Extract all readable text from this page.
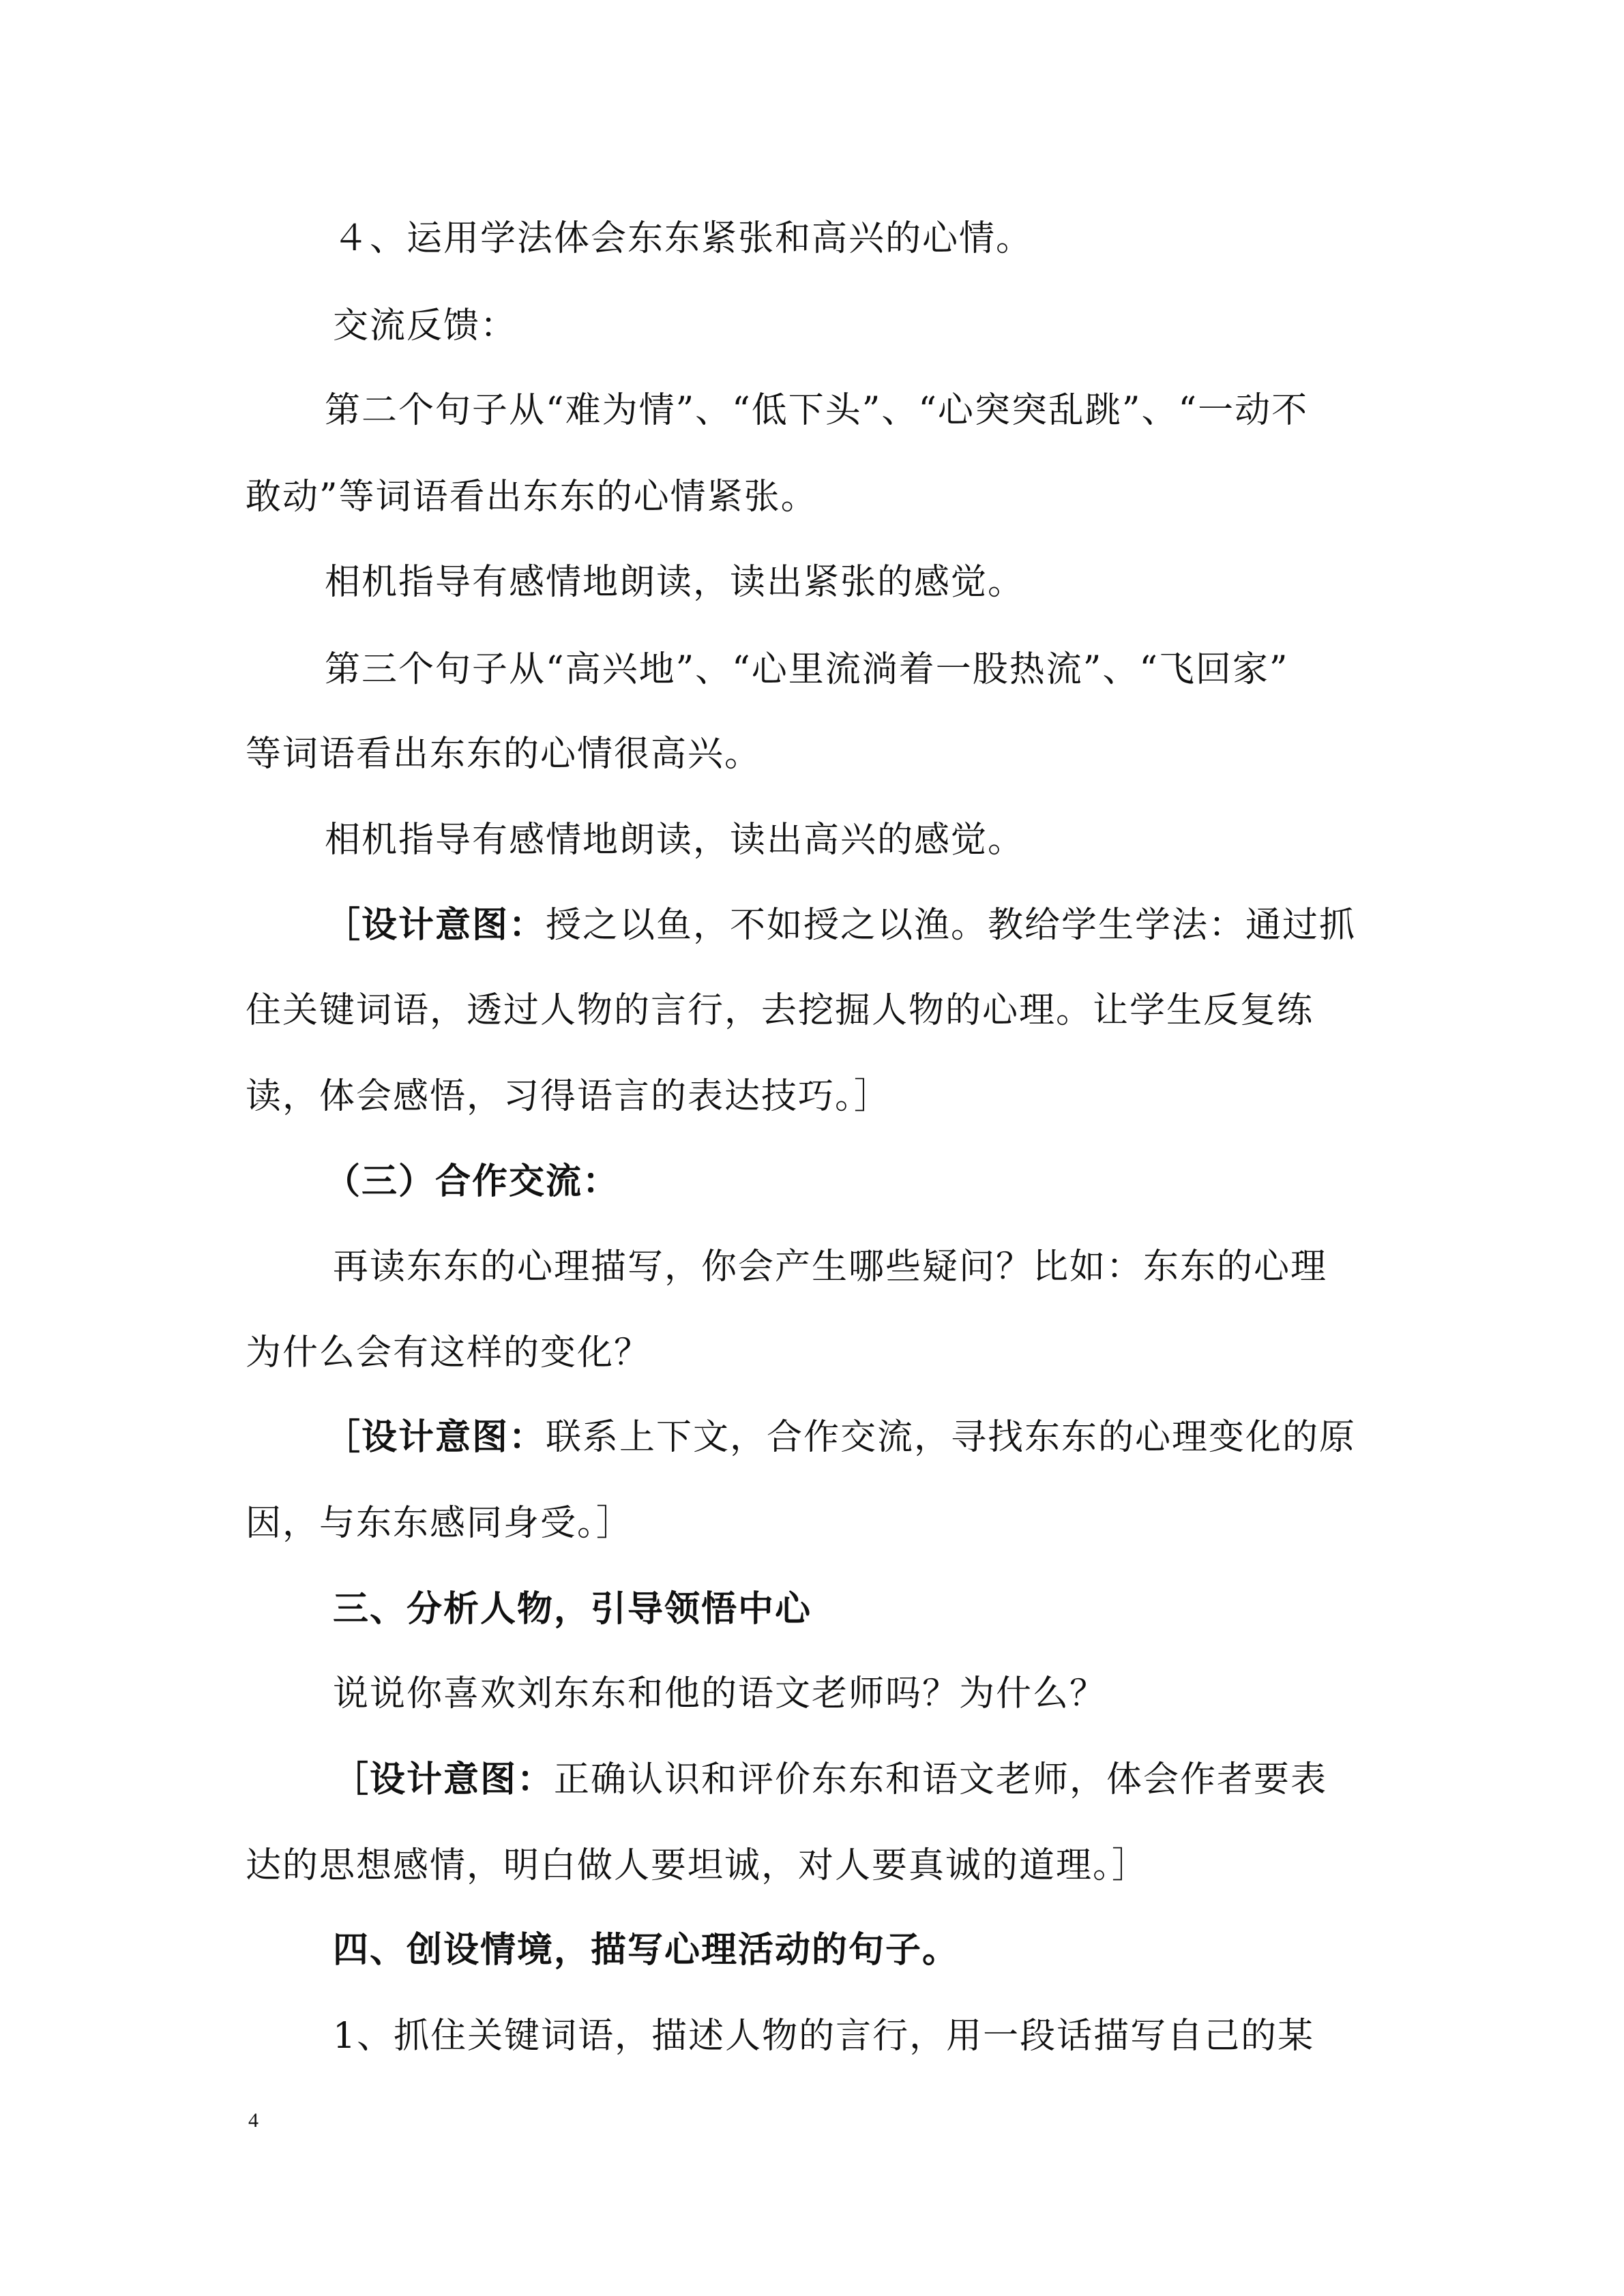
４、运用学法体会东东紧张和高兴的心情。
交流反馈：
第二个句子从“难为情”、“低下头”、“心突突乱跳”、“一动不
敢动”等词语看出东东的心情紧张。
相机指导有感情地朗读，读出紧张的感觉。
第三个句子从“高兴地”、“心里流淌着一股热流”、“飞回家”
等词语看出东东的心情很高兴。
相机指导有感情地朗读，读出高兴的感觉。
［设计意图：授之以鱼，不如授之以渔。教给学生学法：通过抓
住关键词语，透过人物的言行，去挖掘人物的心理。让学生反复练
读，体会感悟，习得语言的表达技巧。］
（三）合作交流：
再读东东的心理描写，你会产生哪些疑问？比如：东东的心理
为什么会有这样的变化？
［设计意图：联系上下文，合作交流，寻找东东的心理变化的原
因，与东东感同身受。］
三、分析人物，引导领悟中心
说说你喜欢刘东东和他的语文老师吗？为什么？
［设计意图：正确认识和评价东东和语文老师，体会作者要表
达的思想感情，明白做人要坦诚，对人要真诚的道理。］
四、创设情境，描写心理活动的句子。
1、抓住关键词语，描述人物的言行，用一段话描写自己的某
4
